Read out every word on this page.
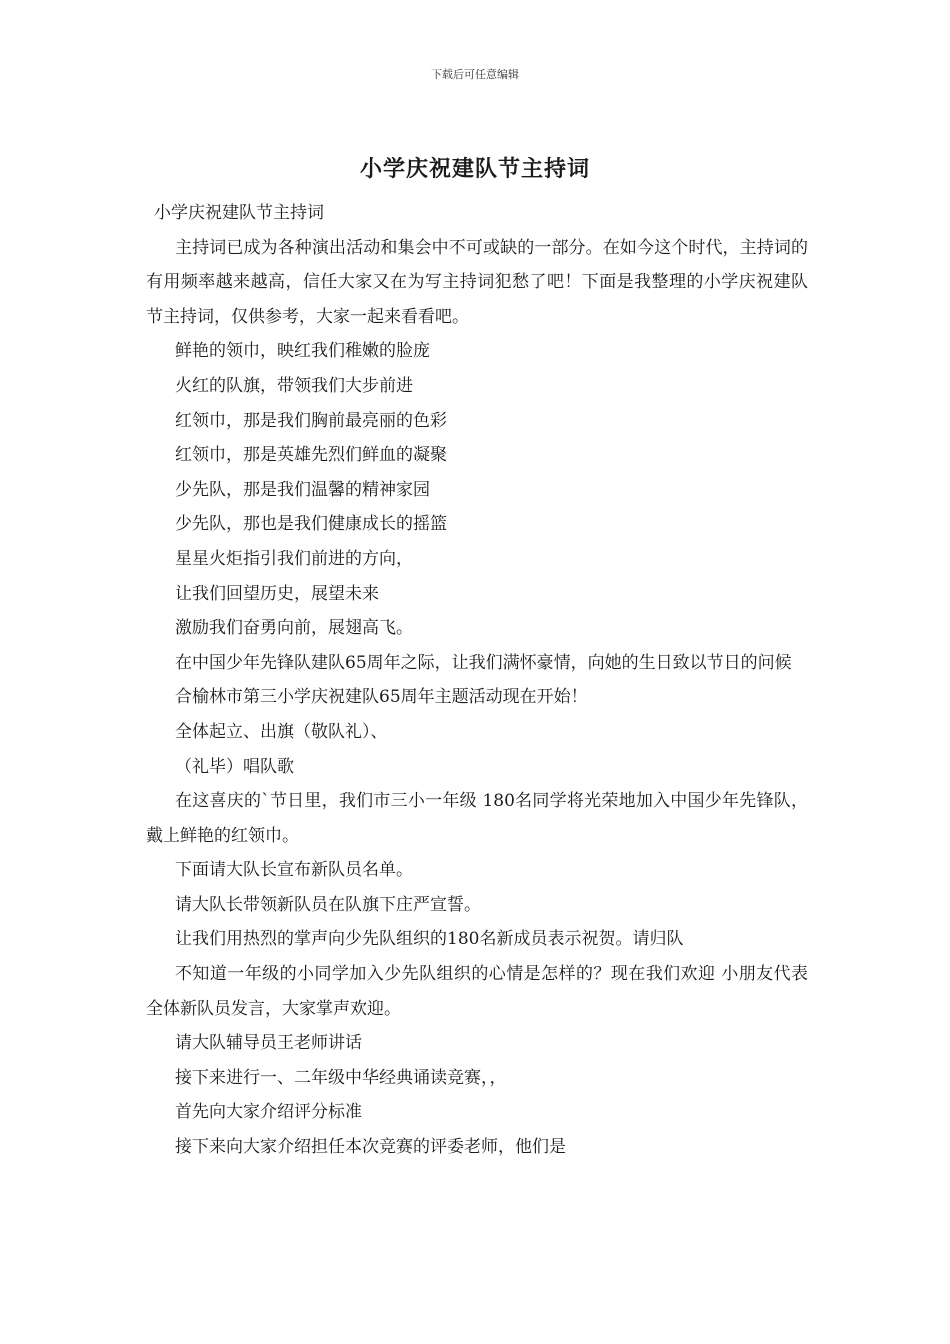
下载后可任意编辑
小学庆祝建队节主持词

小学庆祝建队节主持词

主持词已成为各种演出活动和集会中不可或缺的一部分。在如今这个时代，主持词的有用频率越来越高，信任大家又在为写主持词犯愁了吧！下面是我整理的小学庆祝建队节主持词，仅供参考，大家一起来看看吧。

鲜艳的领巾，映红我们稚嫩的脸庞

火红的队旗，带领我们大步前进

红领巾，那是我们胸前最亮丽的色彩

红领巾，那是英雄先烈们鲜血的凝聚

少先队，那是我们温馨的精神家园

少先队，那也是我们健康成长的摇篮

星星火炬指引我们前进的方向，

让我们回望历史，展望未来

激励我们奋勇向前，展翅高飞。

在中国少年先锋队建队65周年之际，让我们满怀豪情，向她的生日致以节日的问候

合榆林市第三小学庆祝建队65周年主题活动现在开始！

全体起立、出旗（敬队礼）、

（礼毕）唱队歌

在这喜庆的`节日里，我们市三小一年级 180名同学将光荣地加入中国少年先锋队，戴上鲜艳的红领巾。

下面请大队长宣布新队员名单。

请大队长带领新队员在队旗下庄严宣誓。

让我们用热烈的掌声向少先队组织的180名新成员表示祝贺。请归队

不知道一年级的小同学加入少先队组织的心情是怎样的？现在我们欢迎 小朋友代表全体新队员发言，大家掌声欢迎。

请大队辅导员王老师讲话

接下来进行一、二年级中华经典诵读竞赛，，

首先向大家介绍评分标准

接下来向大家介绍担任本次竞赛的评委老师，他们是
